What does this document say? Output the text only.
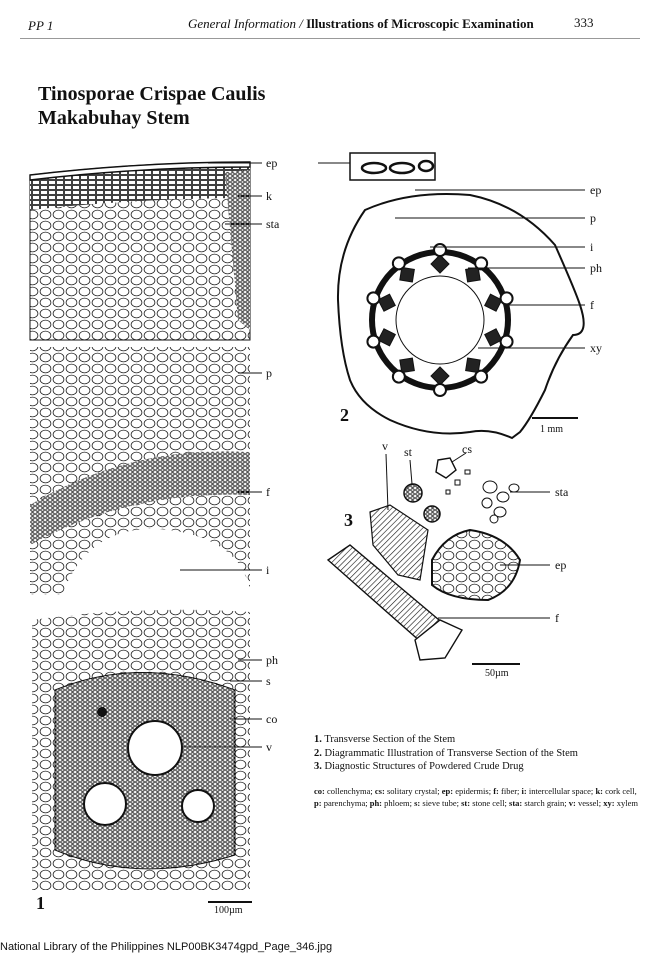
PP 1	General Information / Illustrations of Microscopic Examination	333
Tinosporae Crispae Caulis
Makabuhay Stem
ep
k
sta
p
f
i
ph
s
co
v
1	100µm
ep
p
i
ph
f
xy
2
1 mm
v st	cs
sta
ep
f
3
50µm
1. Transverse Section of the Stem
2. Diagrammatic Illustration of Transverse Section of the Stem
3. Diagnostic Structures of Powdered Crude Drug
co: collenchyma; cs: solitary crystal; ep: epidermis; f: fiber; i: intercellular space; k: cork cell, p: parenchyma; ph: phloem; s: sieve tube; st: stone cell; sta: starch grain; v: vessel; xy: xylem
National Library of the Philippines NLP00BK3474gpd_Page_346.jpg
